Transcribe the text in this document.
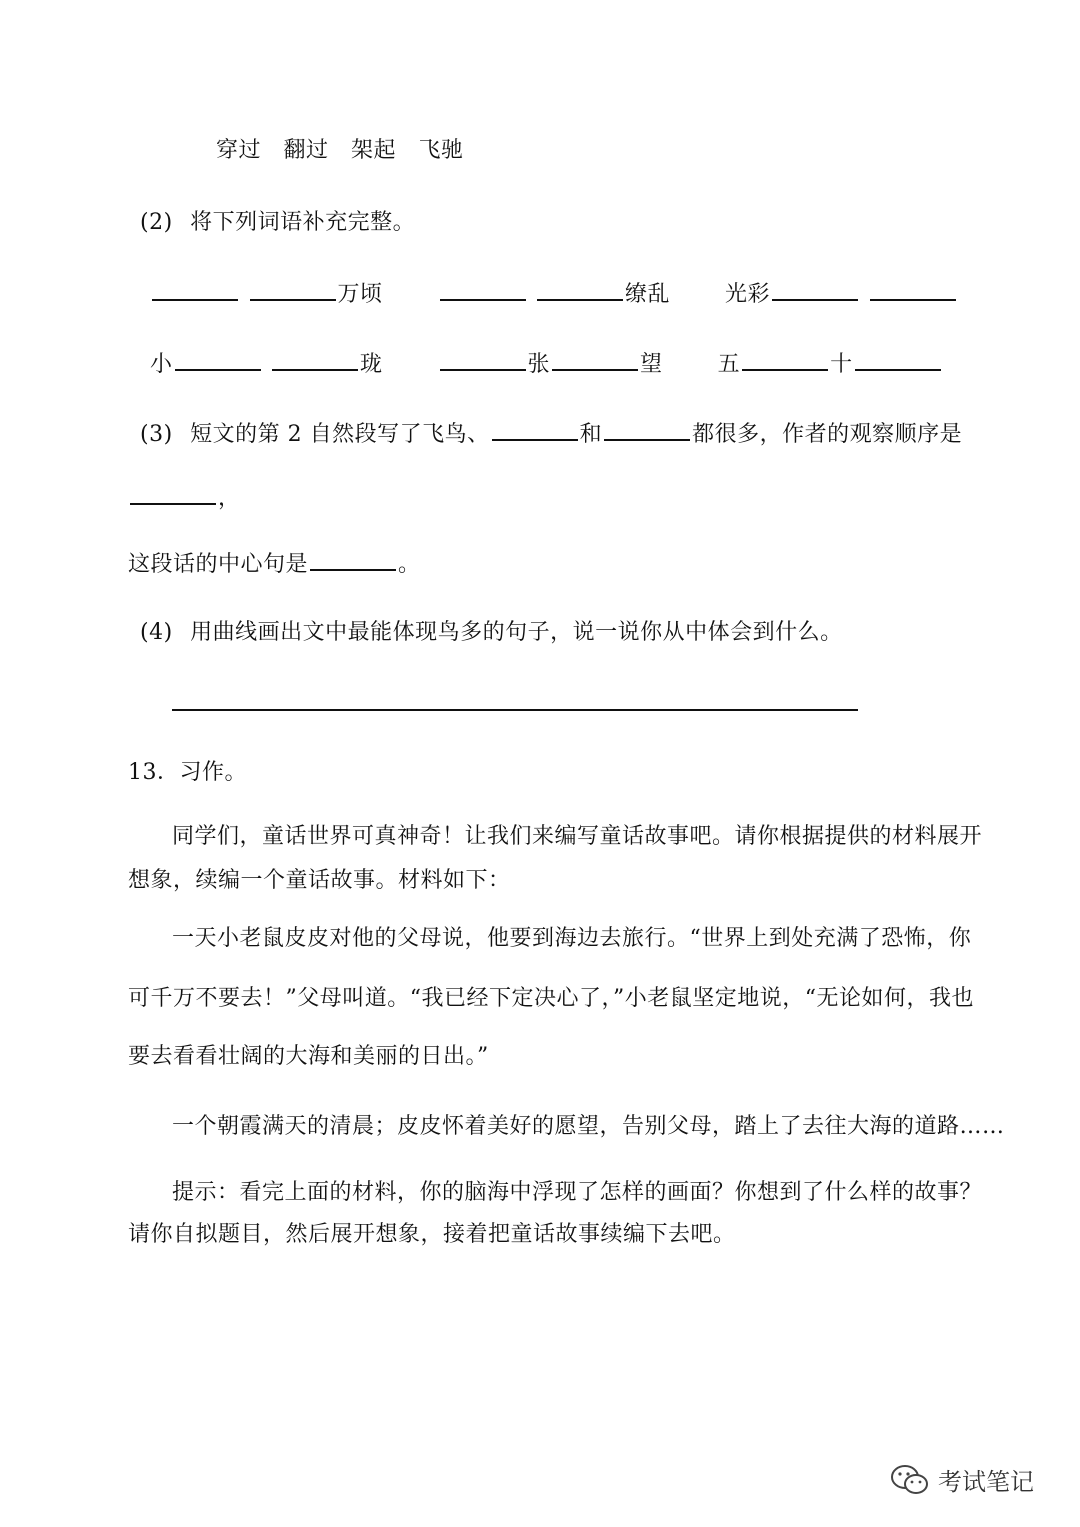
穿过　翻过　架起　飞驰
(2) 将下列词语补充完整。
万顷	缭乱	光彩
小	珑	张	望	五	十
(3) 短文的第 2 自然段写了飞鸟、	和	都很多，作者的观察顺序是
，
这段话的中心句是	。
(4) 用曲线画出文中最能体现鸟多的句子，说一说你从中体会到什么。
13．习作。
同学们，童话世界可真神奇！让我们来编写童话故事吧。请你根据提供的材料展开
想象，续编一个童话故事。材料如下：
一天小老鼠皮皮对他的父母说，他要到海边去旅行。“世界上到处充满了恐怖，你
可千万不要去！”父母叫道。“我已经下定决心了，”小老鼠坚定地说，“无论如何，我也
要去看看壮阔的大海和美丽的日出。”
一个朝霞满天的清晨；皮皮怀着美好的愿望，告别父母，踏上了去往大海的道路……
提示：看完上面的材料，你的脑海中浮现了怎样的画面？你想到了什么样的故事？
请你自拟题目，然后展开想象，接着把童话故事续编下去吧。
考试笔记
